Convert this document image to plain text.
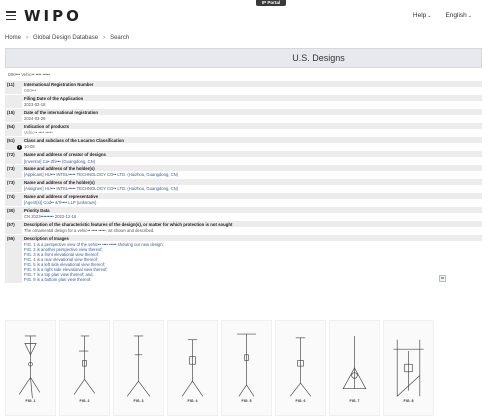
IP Portal
WIPO	Help⌄ English⌄
Home › Global Design Database › Search
U.S. Designs
D90••• Vehic•• •••• •••••
(11)	International Registration Number
D90•••
Filing Date of the Application
2023-02-18
(15)	Date of the international registration
2024-03-26
(54)	Indication of products
Vehic•• •••• •••••
(51)	Class and subclass of the Locarno Classification
i 10-05
(72)	Name and address of creator of designs
[Inventor] Ca• Zhi••• (Guangdong, CN)
(73)	Name and address of the holder(s)
[Applicant] HU••• INTEL••••• TECHNOLOGY CO•• LTD. (Huizhou, Guangdong, CN)
(73)	Name and address of the holder(s)
[Assignee] HU••• INTEL••••• TECHNOLOGY CO•• LTD. (Huizhou, Guangdong, CN)
(74)	Name and address of representative
[Agent(s)] Cod•• &Ti•••• LLP (unknown)
(30)	Priority Data
CN 2023••••••••• 2022-12-16
(57)	Description of the characteristic features of the design(s), or matter for which protection is not sought
The ornamental design for a vehic•• •••• •••••, as shown and described.
(55)	Description of Images
FIG. 1 is a perspective view of the vehic•• •••• ••••• showing our new design;
FIG. 2 is another perspective view thereof;
FIG. 3 is a front elevational view thereof;
FIG. 4 is a rear elevational view thereof;
FIG. 5 is a left side elevational view thereof;
FIG. 6 is a right side elevational view thereof;
FIG. 7 is a top plan view thereof; and,
FIG. 8 is a bottom plan view thereof.
FIG. 1	FIG. 2	FIG. 3	FIG. 4	FIG. 5	FIG. 6	FIG. 7	FIG. 8
